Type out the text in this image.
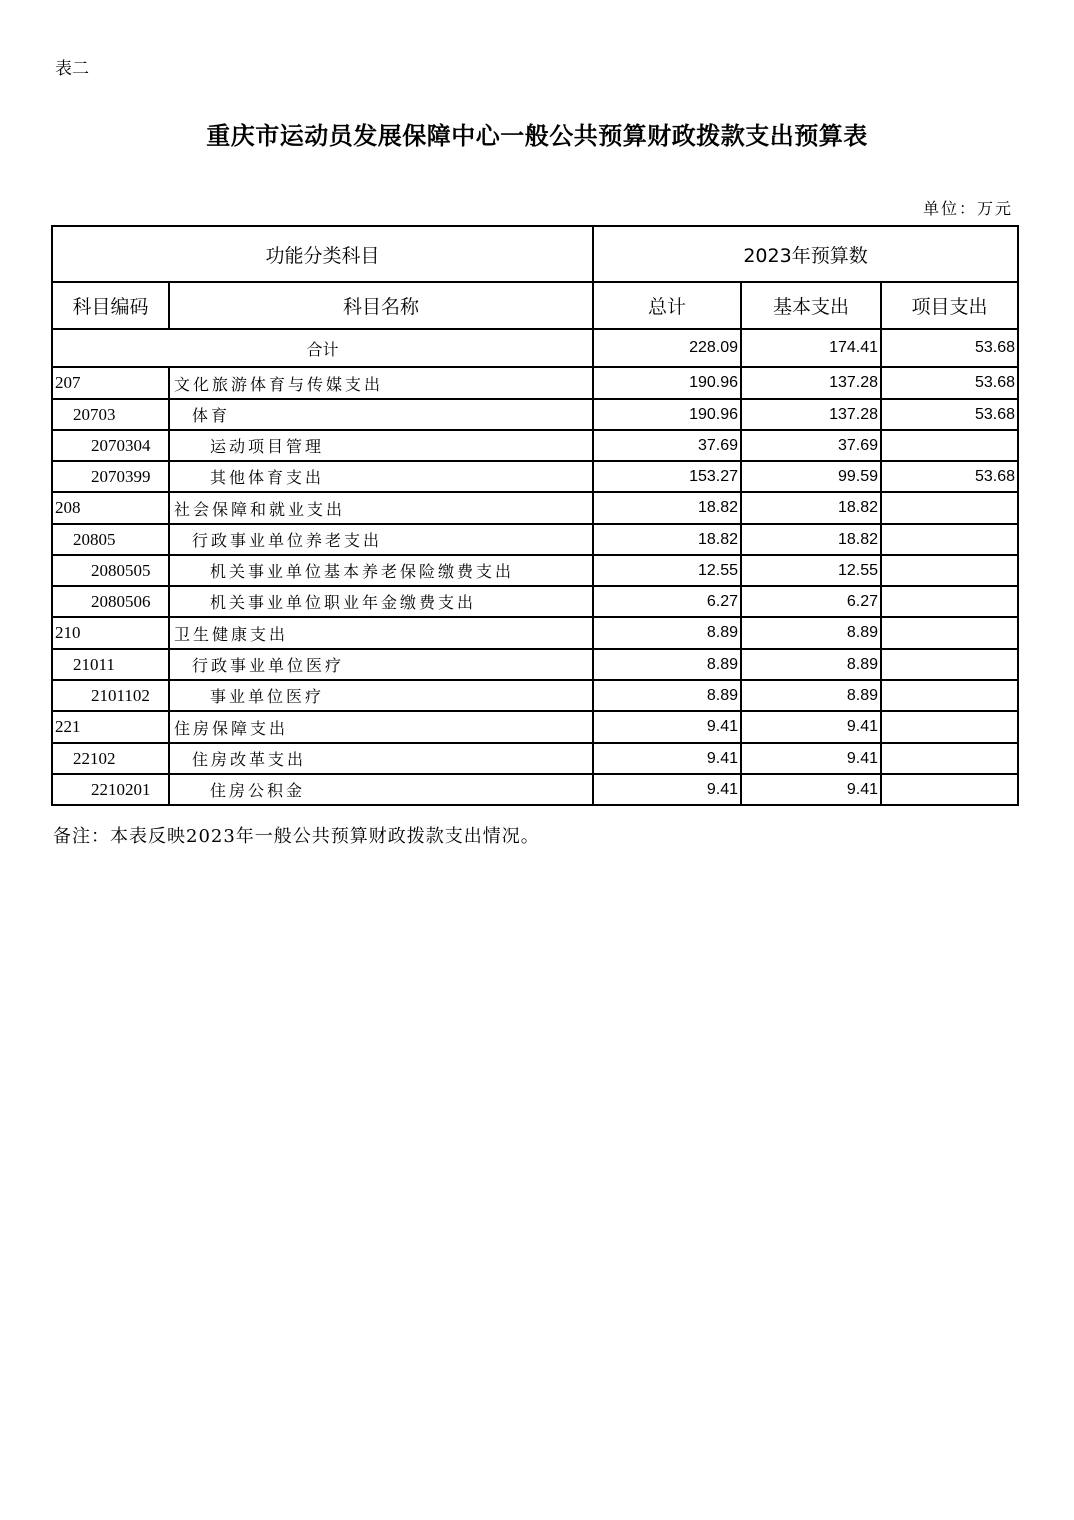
表二
重庆市运动员发展保障中心一般公共预算财政拨款支出预算表
单位：万元
功能分类科目		2023年预算数		
科目编码	科目名称	总计	基本支出	项目支出
合计		228.09	174.41	53.68
207	文化旅游体育与传媒支出	190.96	137.28	53.68
20703	体育	190.96	137.28	53.68
2070304	运动项目管理	37.69	37.69	
2070399	其他体育支出	153.27	99.59	53.68
208	社会保障和就业支出	18.82	18.82	
20805	行政事业单位养老支出	18.82	18.82	
2080505	机关事业单位基本养老保险缴费支出	12.55	12.55	
2080506	机关事业单位职业年金缴费支出	6.27	6.27	
210	卫生健康支出	8.89	8.89	
21011	行政事业单位医疗	8.89	8.89	
2101102	事业单位医疗	8.89	8.89	
221	住房保障支出	9.41	9.41	
22102	住房改革支出	9.41	9.41	
2210201	住房公积金	9.41	9.41	
备注：本表反映2023年一般公共预算财政拨款支出情况。
